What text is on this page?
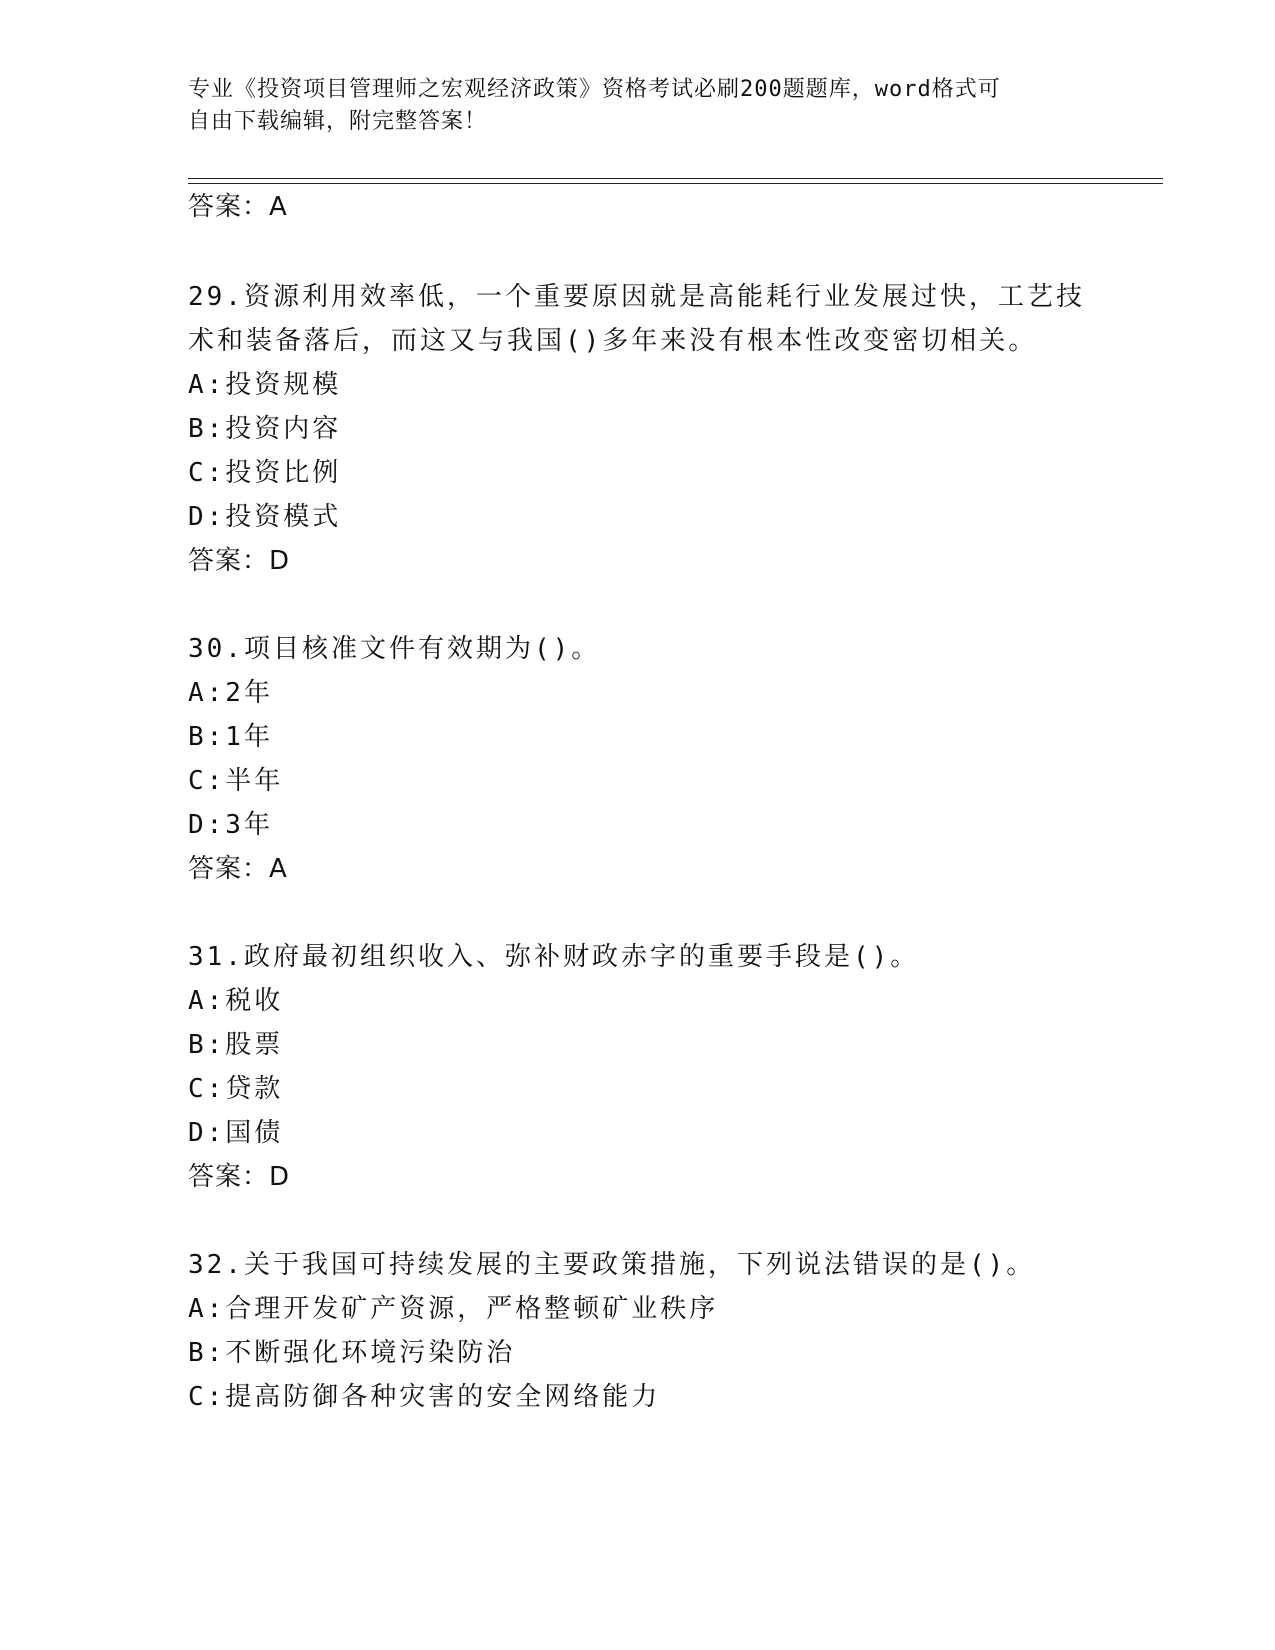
专业《投资项目管理师之宏观经济政策》资格考试必刷200题题库，word格式可
自由下载编辑，附完整答案！
答案：A
29.资源利用效率低，一个重要原因就是高能耗行业发展过快，工艺技
术和装备落后，而这又与我国()多年来没有根本性改变密切相关。
A:投资规模
B:投资内容
C:投资比例
D:投资模式
答案：D
30.项目核准文件有效期为()。
A:2年
B:1年
C:半年
D:3年
答案：A
31.政府最初组织收入、弥补财政赤字的重要手段是()。
A:税收
B:股票
C:贷款
D:国债
答案：D
32.关于我国可持续发展的主要政策措施，下列说法错误的是()。
A:合理开发矿产资源，严格整顿矿业秩序
B:不断强化环境污染防治
C:提高防御各种灾害的安全网络能力
